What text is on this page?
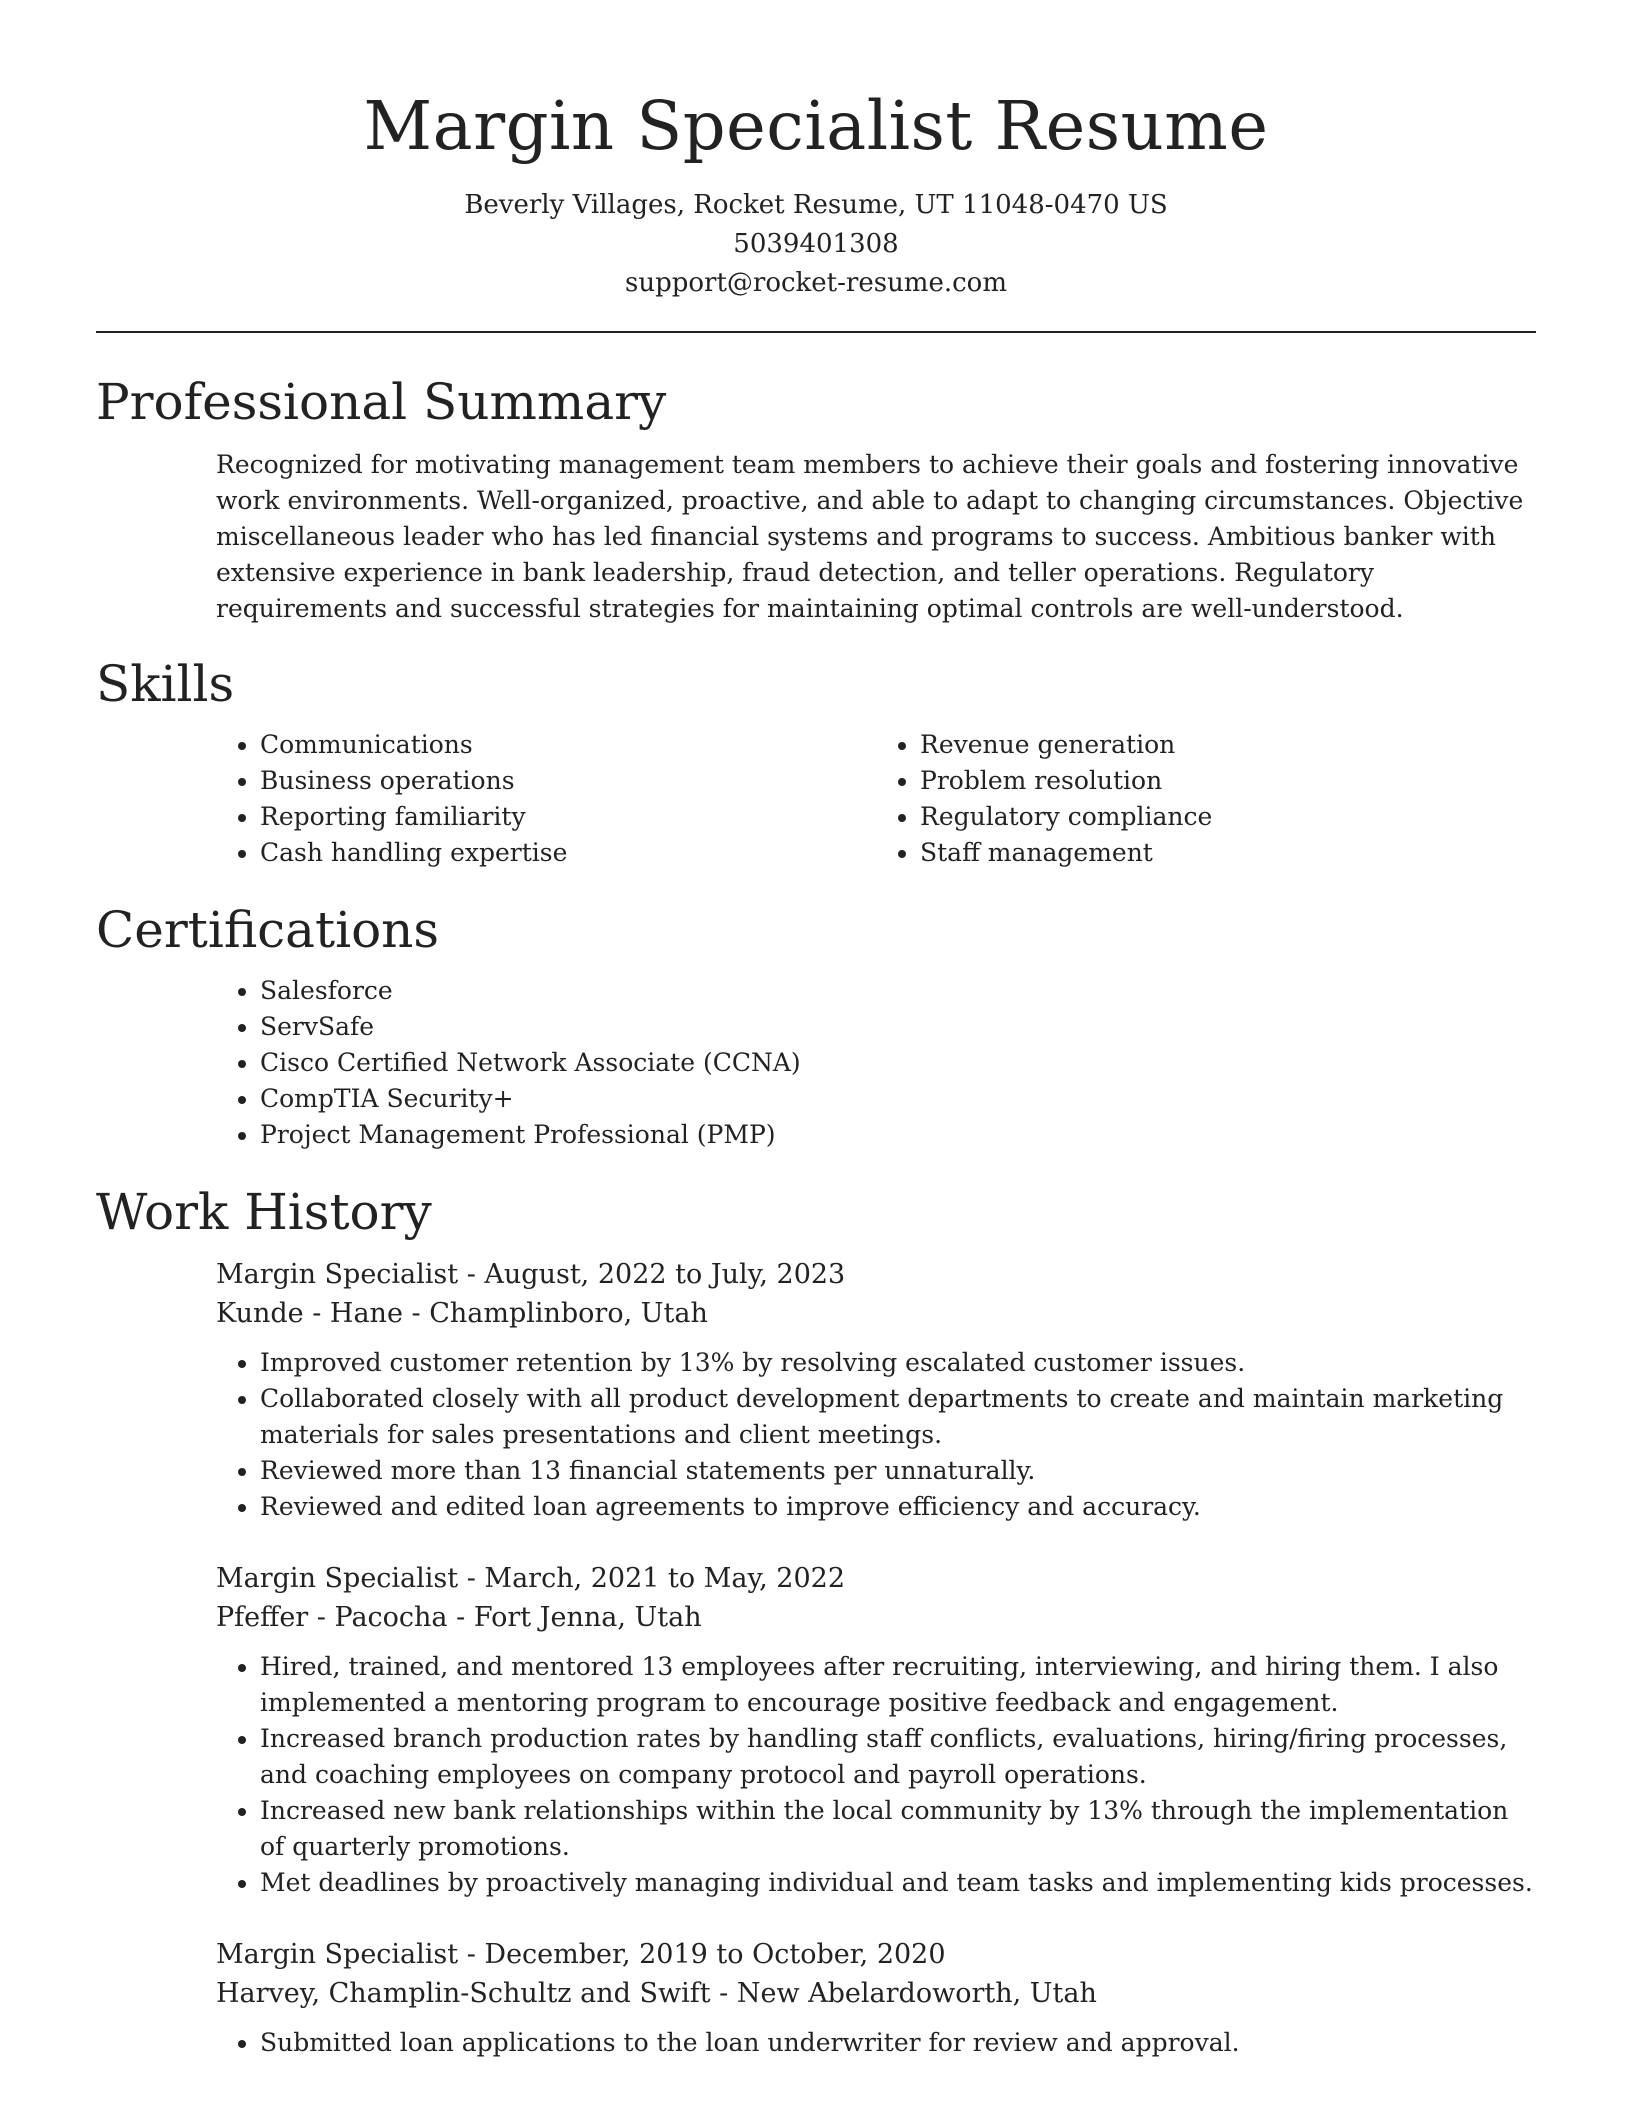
Margin Specialist Resume
Beverly Villages, Rocket Resume, UT 11048-0470 US
5039401308
support@rocket-resume.com
Professional Summary
Recognized for motivating management team members to achieve their goals and fostering innovative work environments. Well-organized, proactive, and able to adapt to changing circumstances. Objective miscellaneous leader who has led financial systems and programs to success. Ambitious banker with extensive experience in bank leadership, fraud detection, and teller operations. Regulatory requirements and successful strategies for maintaining optimal controls are well-understood.
Skills
• Communications
• Business operations
• Reporting familiarity
• Cash handling expertise
• Revenue generation
• Problem resolution
• Regulatory compliance
• Staff management
Certifications
• Salesforce
• ServSafe
• Cisco Certified Network Associate (CCNA)
• CompTIA Security+
• Project Management Professional (PMP)
Work History
Margin Specialist - August, 2022 to July, 2023
Kunde - Hane - Champlinboro, Utah
• Improved customer retention by 13% by resolving escalated customer issues.
• Collaborated closely with all product development departments to create and maintain marketing materials for sales presentations and client meetings.
• Reviewed more than 13 financial statements per unnaturally.
• Reviewed and edited loan agreements to improve efficiency and accuracy.
Margin Specialist - March, 2021 to May, 2022
Pfeffer - Pacocha - Fort Jenna, Utah
• Hired, trained, and mentored 13 employees after recruiting, interviewing, and hiring them. I also implemented a mentoring program to encourage positive feedback and engagement.
• Increased branch production rates by handling staff conflicts, evaluations, hiring/firing processes, and coaching employees on company protocol and payroll operations.
• Increased new bank relationships within the local community by 13% through the implementation of quarterly promotions.
• Met deadlines by proactively managing individual and team tasks and implementing kids processes.
Margin Specialist - December, 2019 to October, 2020
Harvey, Champlin-Schultz and Swift - New Abelardoworth, Utah
• Submitted loan applications to the loan underwriter for review and approval.
